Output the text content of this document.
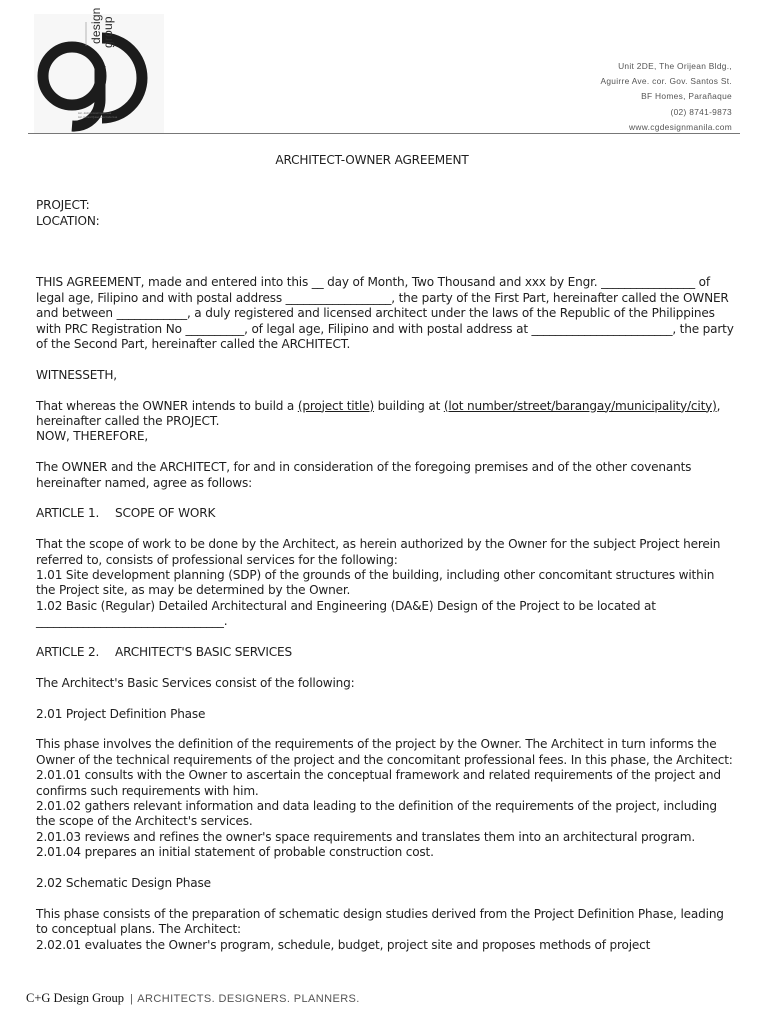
design
group
Arc. Joshua Gratz Gallo Gaa
Arc. Gerard Quiao Gaa Carla Gaa
Unit 2DE, The Orijean Bldg.,
Aguirre Ave. cor. Gov. Santos St.
BF Homes, Parañaque
(02) 8741-9873
www.cgdesignmanila.com

ARCHITECT-OWNER AGREEMENT

PROJECT:

LOCATION:

THIS AGREEMENT, made and entered into this __ day of Month, Two Thousand and xxx by Engr. ________________ of legal age, Filipino and with postal address __________________, the party of the First Part, hereinafter called the OWNER and between ____________, a duly registered and licensed architect under the laws of the Republic of the Philippines with PRC Registration No __________, of legal age, Filipino and with postal address at ________________________, the party of the Second Part, hereinafter called the ARCHITECT.

WITNESSETH,

That whereas the OWNER intends to build a (project title) building at (lot number/street/barangay/municipality/city), hereinafter called the PROJECT.

NOW, THEREFORE,

The OWNER and the ARCHITECT, for and in consideration of the foregoing premises and of the other covenants hereinafter named, agree as follows:

ARTICLE 1. SCOPE OF WORK

That the scope of work to be done by the Architect, as herein authorized by the Owner for the subject Project herein referred to, consists of professional services for the following:

1.01 Site development planning (SDP) of the grounds of the building, including other concomitant structures within the Project site, as may be determined by the Owner.

1.02 Basic (Regular) Detailed Architectural and Engineering (DA&E) Design of the Project to be located at ________________________________.

ARTICLE 2. ARCHITECT'S BASIC SERVICES

The Architect's Basic Services consist of the following:

2.01 Project Definition Phase

This phase involves the definition of the requirements of the project by the Owner. The Architect in turn informs the Owner of the technical requirements of the project and the concomitant professional fees. In this phase, the Architect:

2.01.01 consults with the Owner to ascertain the conceptual framework and related requirements of the project and confirms such requirements with him.

2.01.02 gathers relevant information and data leading to the definition of the requirements of the project, including the scope of the Architect's services.

2.01.03 reviews and refines the owner's space requirements and translates them into an architectural program.

2.01.04 prepares an initial statement of probable construction cost.

2.02 Schematic Design Phase

This phase consists of the preparation of schematic design studies derived from the Project Definition Phase, leading to conceptual plans. The Architect:

2.02.01 evaluates the Owner's program, schedule, budget, project site and proposes methods of project

C+G Design Group | ARCHITECTS. DESIGNERS. PLANNERS.
